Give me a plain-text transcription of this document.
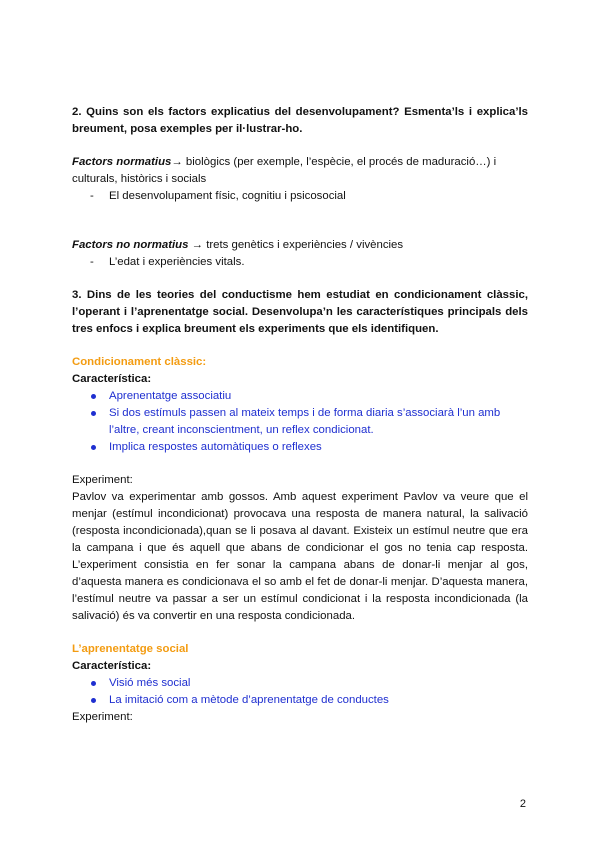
2. Quins son els factors explicatius del desenvolupament? Esmenta’ls i explica’ls breument, posa exemples per il·lustrar-ho.

Factors normatius→ biològics (per exemple, l’espècie, el procés de maduració…) i culturals, històrics i socials

- El desenvolupament físic, cognitiu i psicosocial

Factors no normatius → trets genètics i experiències / vivències

- L’edat i experiències vitals.

3. Dins de les teories del conductisme hem estudiat en condicionament clàssic, l’operant i l’aprenentatge social. Desenvolupa’n les característiques principals dels tres enfocs i explica breument els experiments que els identifiquen.

Condicionament clàssic:

Característica:

Aprenentatge associatiu
Si dos estímuls passen al mateix temps i de forma diaria s’associarà l’un amb l’altre, creant inconscientment, un reflex condicionat.
Implica respostes automàtiques o reflexes

Experiment:

Pavlov va experimentar amb gossos. Amb aquest experiment Pavlov va veure que el menjar (estímul incondicionat) provocava una resposta de manera natural, la salivació (resposta incondicionada),quan se li posava al davant. Existeix un estímul neutre que era la campana i que és aquell que abans de condicionar el gos no tenia cap resposta. L’experiment consistia en fer sonar la campana abans de donar-li menjar al gos, d’aquesta manera es condicionava el so amb el fet de donar-li menjar. D’aquesta manera, l’estímul neutre va passar a ser un estímul condicionat i la resposta incondicionada (la salivació) és va convertir en una resposta condicionada.

L’aprenentatge social

Característica:

Visió més social
La imitació com a mètode d’aprenentatge de conductes

Experiment:

2
